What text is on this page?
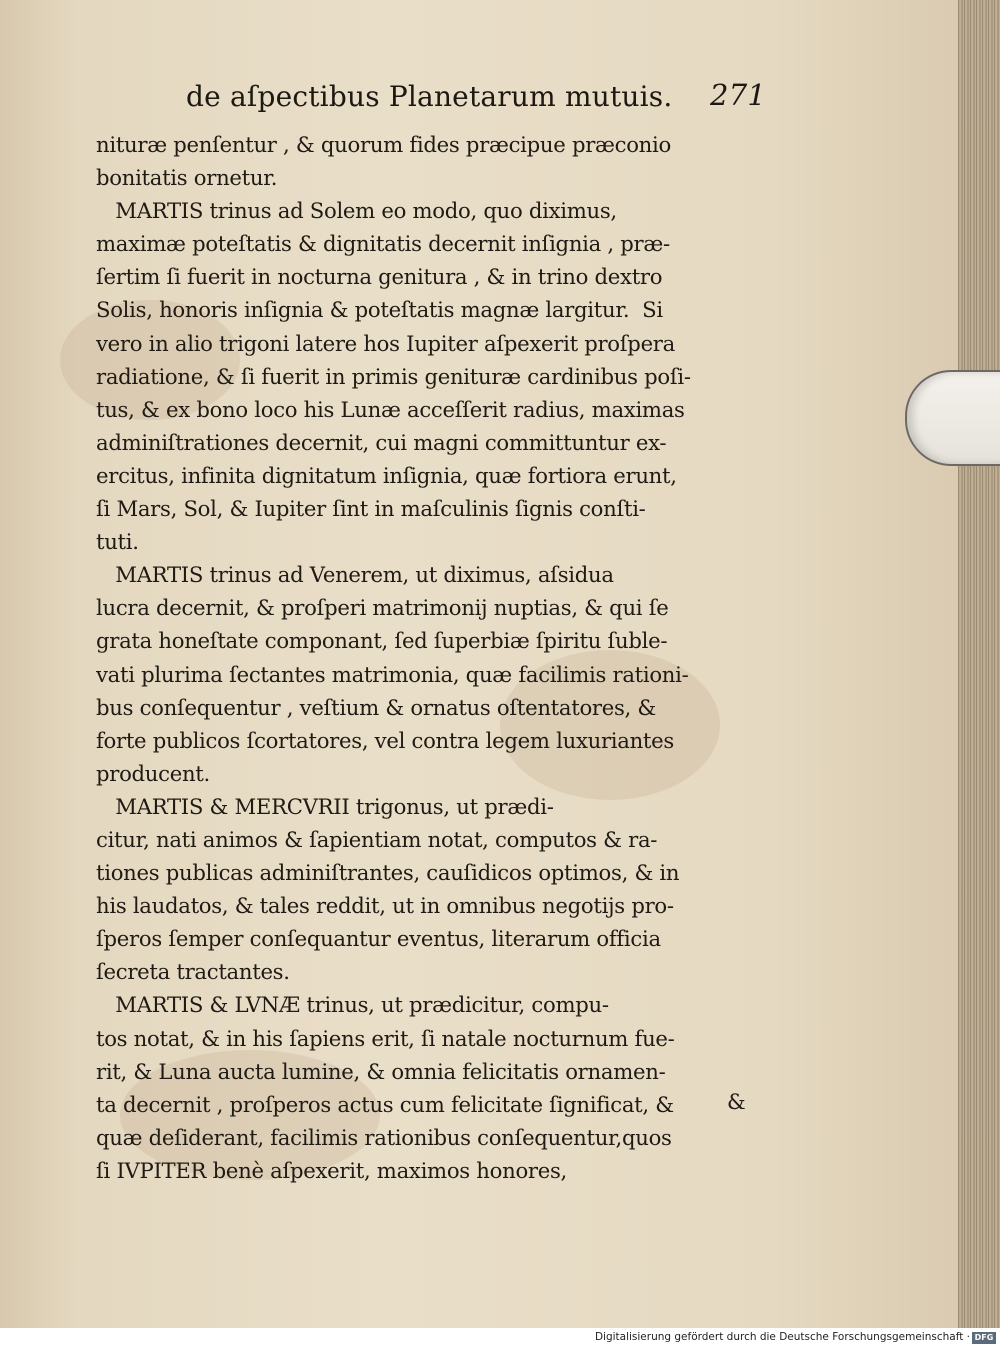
de aſpectibus Planetarum mutuis. 271
nituræ penſentur , & quorum fides præcipue præconio
bonitatis ornetur.
MARTIS trinus ad Solem eo modo, quo diximus,
maximæ poteſtatis & dignitatis decernit inſignia , præ-
ſertim ſi fuerit in nocturna genitura , & in trino dextro
Solis, honoris inſignia & poteſtatis magnæ largitur.  Si
vero in alio trigoni latere hos Iupiter aſpexerit proſpera
radiatione, & ſi fuerit in primis genituræ cardinibus poſi-
tus, & ex bono loco his Lunæ acceſſerit radius, maximas
adminiſtrationes decernit, cui magni committuntur ex-
ercitus, infinita dignitatum inſignia, quæ fortiora erunt,
ſi Mars, Sol, & Iupiter ſint in maſculinis ſignis conſti-
tuti.
MARTIS trinus ad Venerem, ut diximus, aſsidua
lucra decernit, & proſperi matrimonij nuptias, & qui ſe
grata honeſtate componant, ſed ſuperbiæ ſpiritu ſuble-
vati plurima ſectantes matrimonia, quæ facilimis rationi-
bus conſequentur , veſtium & ornatus oſtentatores, &
forte publicos ſcortatores, vel contra legem luxuriantes
producent.
MARTIS & MERCVRII trigonus, ut prædi-
citur, nati animos & ſapientiam notat, computos & ra-
tiones publicas adminiſtrantes, cauſidicos optimos, & in
his laudatos, & tales reddit, ut in omnibus negotijs pro-
ſperos ſemper conſequantur eventus, literarum officia
ſecreta tractantes.
MARTIS & LVNÆ trinus, ut prædicitur, compu-
tos notat, & in his ſapiens erit, ſi natale nocturnum fue-
rit, & Luna aucta lumine, & omnia felicitatis ornamen-
ta decernit , proſperos actus cum felicitate ſignificat, &
quæ deſiderant, facilimis rationibus conſequentur,quos
ſi IVPITER benè aſpexerit, maximos honores,
&
Digitalisierung gefördert durch die Deutsche Forschungsgemeinschaft · DFG
